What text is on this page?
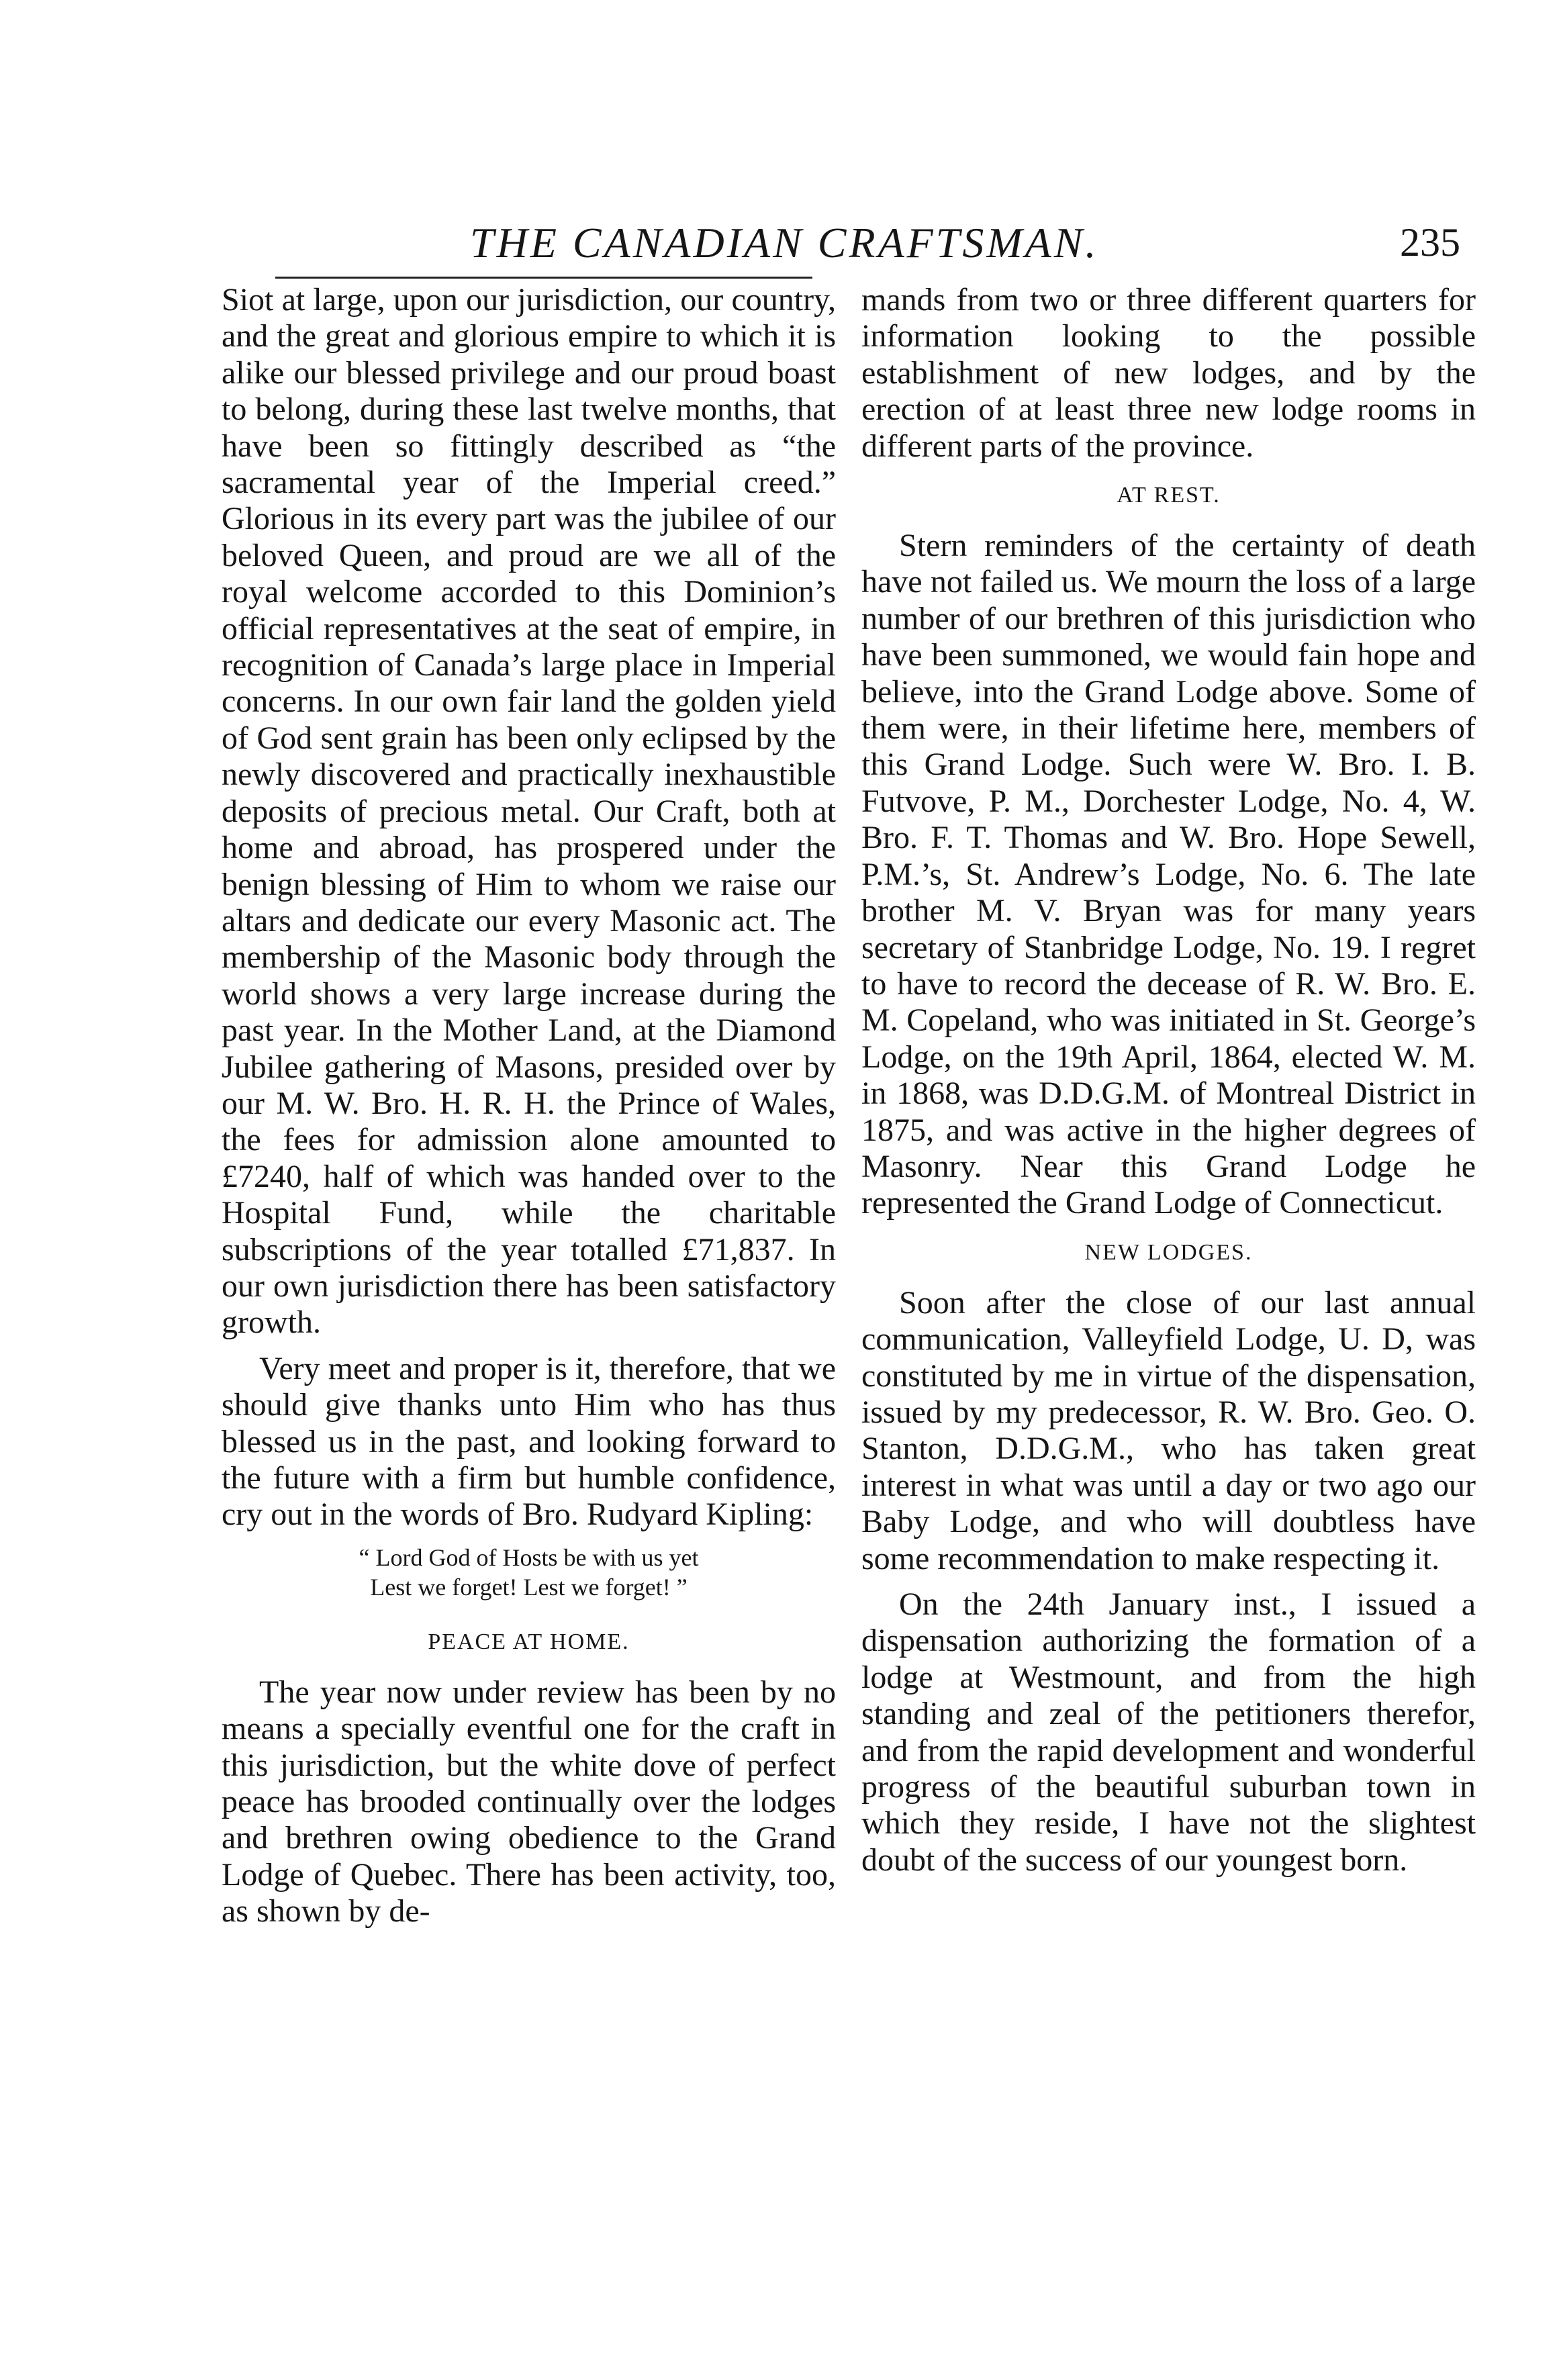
THE CANADIAN CRAFTSMAN.	235

Siot at large, upon our jurisdiction, our country, and the great and glorious empire to which it is alike our blessed privilege and our proud boast to belong, during these last twelve months, that have been so fittingly described as “the sacramental year of the Imperial creed.” Glorious in its every part was the jubilee of our beloved Queen, and proud are we all of the royal welcome accorded to this Dominion’s official representatives at the seat of empire, in recognition of Canada’s large place in Imperial concerns. In our own fair land the golden yield of God sent grain has been only eclipsed by the newly discovered and practically inexhaustible deposits of precious metal. Our Craft, both at home and abroad, has prospered under the benign blessing of Him to whom we raise our altars and dedicate our every Masonic act. The membership of the Masonic body through the world shows a very large increase during the past year. In the Mother Land, at the Diamond Jubilee gathering of Masons, presided over by our M. W. Bro. H. R. H. the Prince of Wales, the fees for admission alone amounted to £7240, half of which was handed over to the Hospital Fund, while the charitable subscriptions of the year totalled £71,837. In our own jurisdiction there has been satisfactory growth.

Very meet and proper is it, therefore, that we should give thanks unto Him who has thus blessed us in the past, and looking forward to the future with a firm but humble confidence, cry out in the words of Bro. Rudyard Kipling:

“ Lord God of Hosts be with us yet
Lest we forget! Lest we forget! ”
PEACE AT HOME.

The year now under review has been by no means a specially eventful one for the craft in this jurisdiction, but the white dove of perfect peace has brooded continually over the lodges and brethren owing obedience to the Grand Lodge of Quebec. There has been activity, too, as shown by de-

mands from two or three different quarters for information looking to the possible establishment of new lodges, and by the erection of at least three new lodge rooms in different parts of the province.

AT REST.

Stern reminders of the certainty of death have not failed us. We mourn the loss of a large number of our brethren of this jurisdiction who have been summoned, we would fain hope and believe, into the Grand Lodge above. Some of them were, in their lifetime here, members of this Grand Lodge. Such were W. Bro. I. B. Futvove, P. M., Dorchester Lodge, No. 4, W. Bro. F. T. Thomas and W. Bro. Hope Sewell, P.M.’s, St. Andrew’s Lodge, No. 6. The late brother M. V. Bryan was for many years secretary of Stanbridge Lodge, No. 19. I regret to have to record the decease of R. W. Bro. E. M. Copeland, who was initiated in St. George’s Lodge, on the 19th April, 1864, elected W. M. in 1868, was D.D.G.M. of Montreal District in 1875, and was active in the higher degrees of Masonry. Near this Grand Lodge he represented the Grand Lodge of Connecticut.

NEW LODGES.

Soon after the close of our last annual communication, Valleyfield Lodge, U. D, was constituted by me in virtue of the dispensation, issued by my predecessor, R. W. Bro. Geo. O. Stanton, D.D.G.M., who has taken great interest in what was until a day or two ago our Baby Lodge, and who will doubtless have some recommendation to make respecting it.

On the 24th January inst., I issued a dispensation authorizing the formation of a lodge at Westmount, and from the high standing and zeal of the petitioners therefor, and from the rapid development and wonderful progress of the beautiful suburban town in which they reside, I have not the slightest doubt of the success of our youngest born.
